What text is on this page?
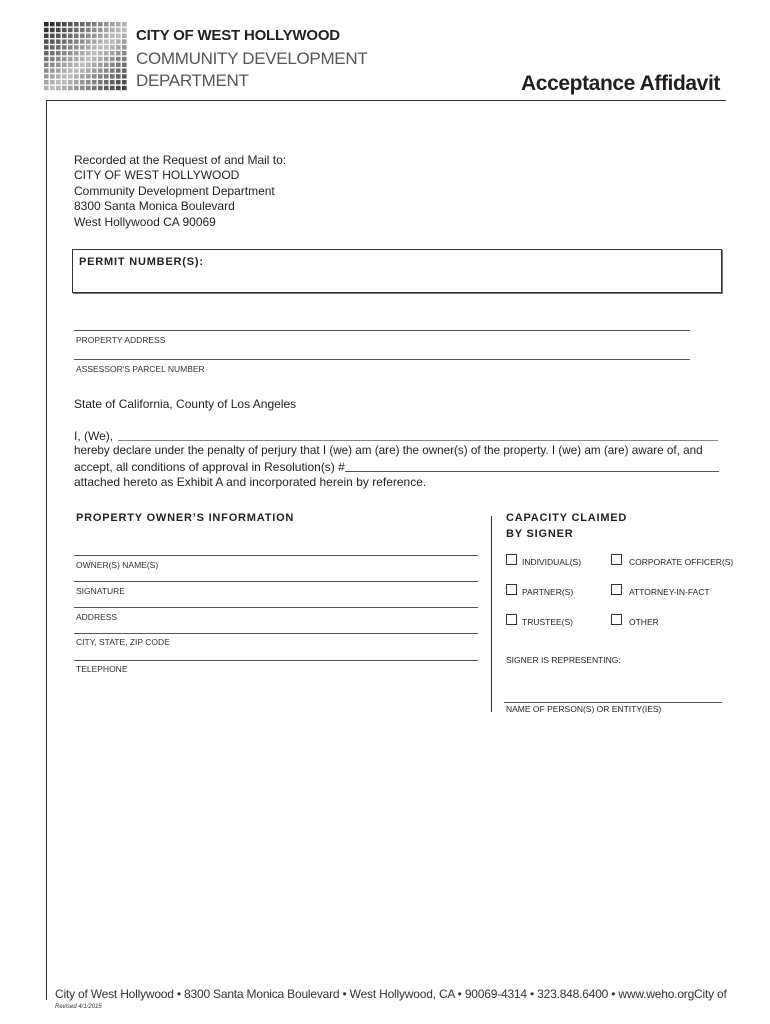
CITY OF WEST HOLLYWOOD
COMMUNITY DEVELOPMENT
DEPARTMENT	Acceptance Affidavit
Recorded at the Request of and Mail to:
CITY OF WEST HOLLYWOOD
Community Development Department
8300 Santa Monica Boulevard
West Hollywood CA 90069
PERMIT NUMBER(S):
PROPERTY ADDRESS
ASSESSOR'S PARCEL NUMBER
State of California, County of Los Angeles
I, (We),
hereby declare under the penalty of perjury that I (we) am (are) the owner(s) of the property. I (we) am (are) aware of, and
accept, all conditions of approval in Resolution(s) #
attached hereto as Exhibit A and incorporated herein by reference.
PROPERTY OWNER’S INFORMATION
OWNER(S) NAME(S)
SIGNATURE
ADDRESS
CITY, STATE, ZIP CODE
TELEPHONE
CAPACITY CLAIMED
BY SIGNER
INDIVIDUAL(S)	CORPORATE OFFICER(S)
PARTNER(S)	ATTORNEY-IN-FACT
TRUSTEE(S)	OTHER
SIGNER IS REPRESENTING:
NAME OF PERSON(S) OR ENTITY(IES)
City of West Hollywood • 8300 Santa Monica Boulevard • West Hollywood, CA • 90069-4314 • 323.848.6400 • www.weho.orgCity of
Revised 4/1/2015
